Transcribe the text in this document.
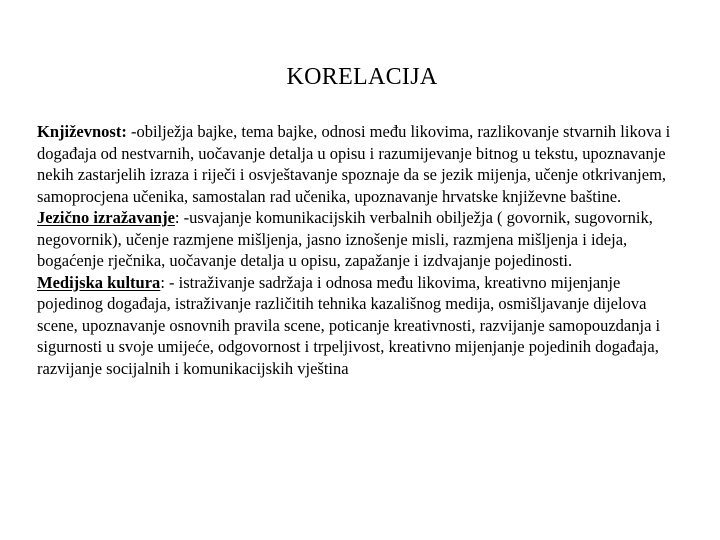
KORELACIJA

Književnost: -obilježja bajke, tema bajke, odnosi među likovima, razlikovanje stvarnih likova i događaja od nestvarnih, uočavanje detalja u opisu i razumijevanje bitnog u tekstu, upoznavanje nekih zastarjelih izraza i riječi i osvještavanje spoznaje da se jezik mijenja, učenje otkrivanjem, samoprocjena učenika, samostalan rad učenika, upoznavanje hrvatske književne baštine.

Jezično izražavanje: -usvajanje komunikacijskih verbalnih obilježja ( govornik, sugovornik, negovornik), učenje razmjene mišljenja, jasno iznošenje misli, razmjena mišljenja i ideja, bogaćenje rječnika, uočavanje detalja u opisu, zapažanje i izdvajanje pojedinosti.

Medijska kultura: - istraživanje sadržaja i odnosa među likovima, kreativno mijenjanje pojedinog događaja, istraživanje različitih tehnika kazališnog medija, osmišljavanje dijelova scene, upoznavanje osnovnih pravila scene, poticanje kreativnosti, razvijanje samopouzdanja i sigurnosti u svoje umijeće, odgovornost i trpeljivost, kreativno mijenjanje pojedinih događaja, razvijanje socijalnih i komunikacijskih vještina
